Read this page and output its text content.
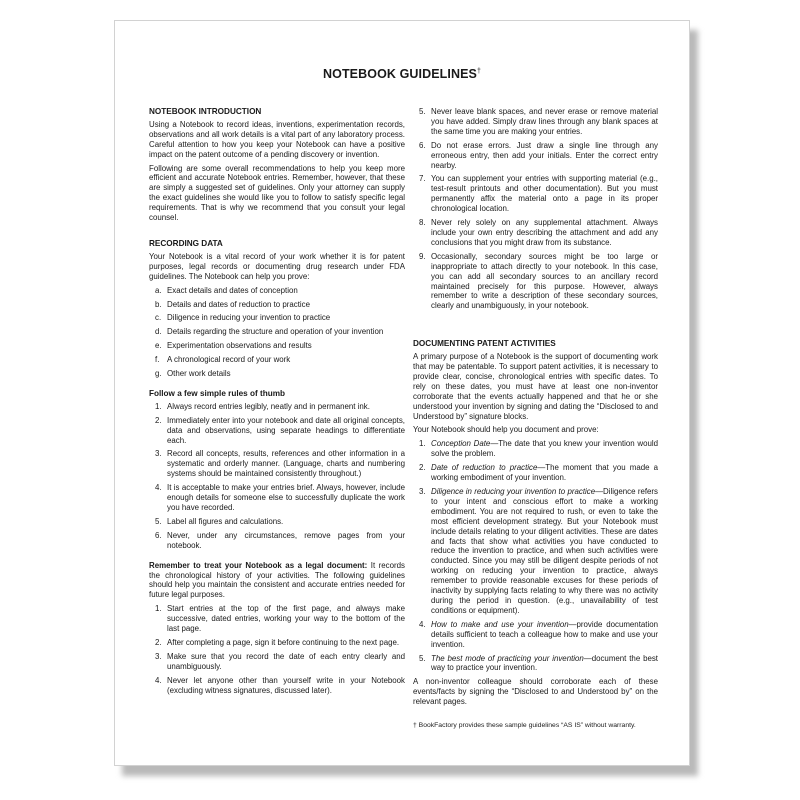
NOTEBOOK GUIDELINES†
NOTEBOOK INTRODUCTION

Using a Notebook to record ideas, inventions, experimentation records, observations and all work details is a vital part of any laboratory process. Careful attention to how you keep your Notebook can have a positive impact on the patent outcome of a pending discovery or invention.

Following are some overall recommendations to help you keep more efficient and accurate Notebook entries. Remember, however, that these are simply a suggested set of guidelines. Only your attorney can supply the exact guidelines she would like you to follow to satisfy specific legal requirements. That is why we recommend that you consult your legal counsel.

RECORDING DATA

Your Notebook is a vital record of your work whether it is for patent purposes, legal records or documenting drug research under FDA guidelines. The Notebook can help you prove:

a. Exact details and dates of conception
b. Details and dates of reduction to practice
c. Diligence in reducing your invention to practice
d. Details regarding the structure and operation of your invention
e. Experimentation observations and results
f. A chronological record of your work
g. Other work details
Follow a few simple rules of thumb
1. Always record entries legibly, neatly and in permanent ink.
2. Immediately enter into your notebook and date all original concepts, data and observations, using separate headings to differentiate each.
3. Record all concepts, results, references and other information in a systematic and orderly manner. (Language, charts and numbering systems should be maintained consistently throughout.)
4. It is acceptable to make your entries brief. Always, however, include enough details for someone else to successfully duplicate the work you have recorded.
5. Label all figures and calculations.
6. Never, under any circumstances, remove pages from your notebook.

Remember to treat your Notebook as a legal document: It records the chronological history of your activities. The following guidelines should help you maintain the consistent and accurate entries needed for future legal purposes.

1. Start entries at the top of the first page, and always make successive, dated entries, working your way to the bottom of the last page.
2. After completing a page, sign it before continuing to the next page.
3. Make sure that you record the date of each entry clearly and unambiguously.
4. Never let anyone other than yourself write in your Notebook (excluding witness signatures, discussed later).
5. Never leave blank spaces, and never erase or remove material you have added. Simply draw lines through any blank spaces at the same time you are making your entries.
6. Do not erase errors. Just draw a single line through any erroneous entry, then add your initials. Enter the correct entry nearby.
7. You can supplement your entries with supporting material (e.g., test-result printouts and other documentation). But you must permanently affix the material onto a page in its proper chronological location.
8. Never rely solely on any supplemental attachment. Always include your own entry describing the attachment and add any conclusions that you might draw from its substance.
9. Occasionally, secondary sources might be too large or inappropriate to attach directly to your notebook. In this case, you can add all secondary sources to an ancillary record maintained precisely for this purpose. However, always remember to write a description of these secondary sources, clearly and unambiguously, in your notebook.
DOCUMENTING PATENT ACTIVITIES

A primary purpose of a Notebook is the support of documenting work that may be patentable. To support patent activities, it is necessary to provide clear, concise, chronological entries with specific dates. To rely on these dates, you must have at least one non-inventor corroborate that the events actually happened and that he or she understood your invention by signing and dating the “Disclosed to and Understood by” signature blocks.

Your Notebook should help you document and prove:

1. Conception Date—The date that you knew your invention would solve the problem.
2. Date of reduction to practice—The moment that you made a working embodiment of your invention.
3. Diligence in reducing your invention to practice—Diligence refers to your intent and conscious effort to make a working embodiment. You are not required to rush, or even to take the most efficient development strategy. But your Notebook must include details relating to your diligent activities. These are dates and facts that show what activities you have conducted to reduce the invention to practice, and when such activities were conducted. Since you may still be diligent despite periods of not working on reducing your invention to practice, always remember to provide reasonable excuses for these periods of inactivity by supplying facts relating to why there was no activity during the period in question. (e.g., unavailability of test conditions or equipment).
4. How to make and use your invention—provide documentation details sufficient to teach a colleague how to make and use your invention.
5. The best mode of practicing your invention—document the best way to practice your invention.

A non-inventor colleague should corroborate each of these events/facts by signing the “Disclosed to and Understood by” on the relevant pages.

† BookFactory provides these sample guidelines “AS IS” without warranty.
